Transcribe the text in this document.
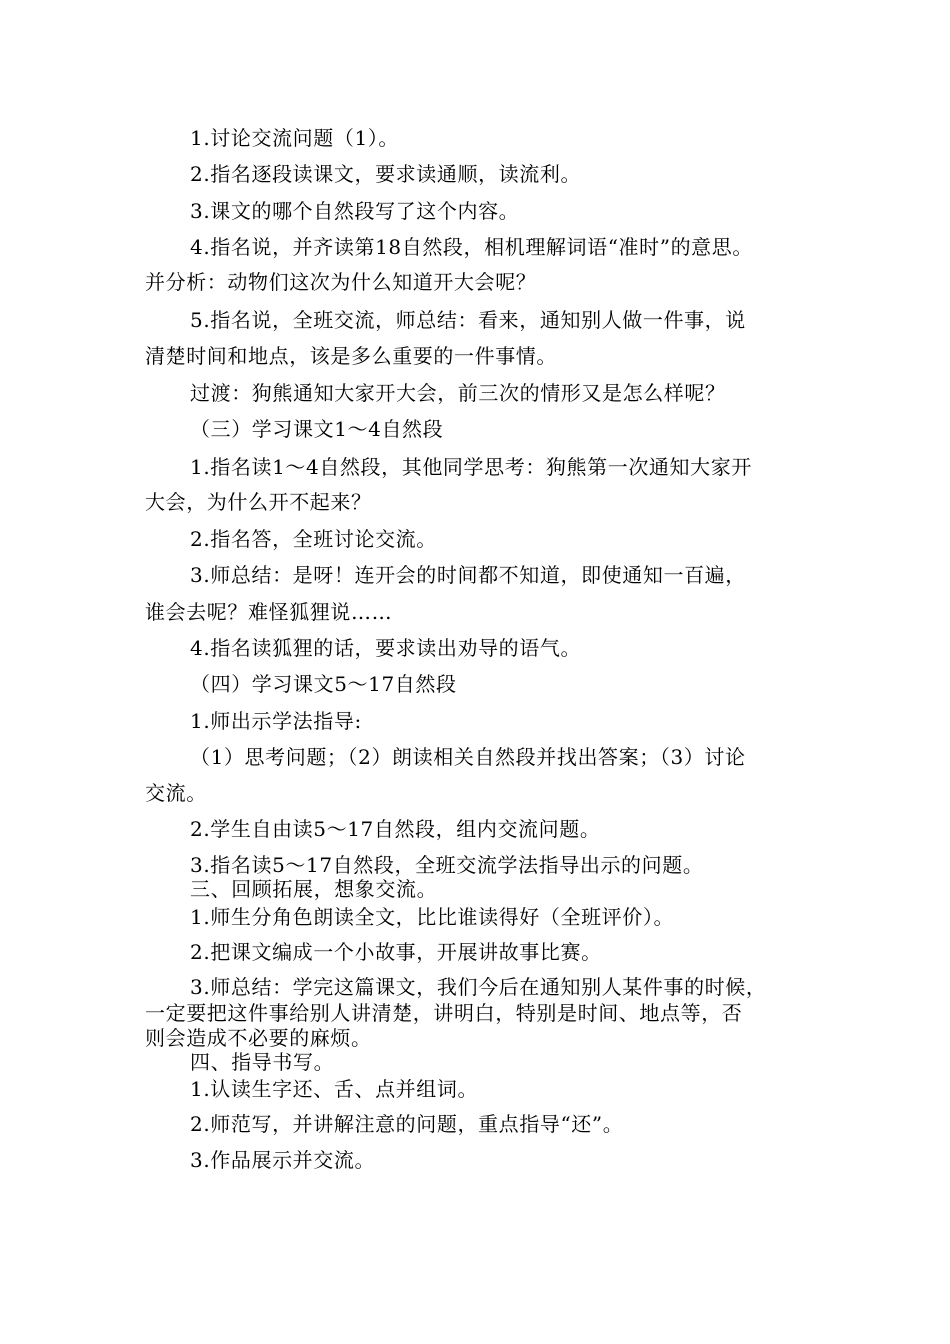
1.讨论交流问题（1）。

2.指名逐段读课文，要求读通顺，读流利。

3.课文的哪个自然段写了这个内容。

4.指名说，并齐读第18自然段，相机理解词语“准时”的意思。

并分析：动物们这次为什么知道开大会呢？

5.指名说，全班交流，师总结：看来，通知别人做一件事，说

清楚时间和地点，该是多么重要的一件事情。

过渡：狗熊通知大家开大会，前三次的情形又是怎么样呢？

（三）学习课文1～4自然段

1.指名读1～4自然段，其他同学思考：狗熊第一次通知大家开

大会，为什么开不起来？

2.指名答，全班讨论交流。

3.师总结：是呀！连开会的时间都不知道，即使通知一百遍，

谁会去呢？难怪狐狸说……

4.指名读狐狸的话，要求读出劝导的语气。

（四）学习课文5～17自然段

1.师出示学法指导:

（1）思考问题；（2）朗读相关自然段并找出答案；（3）讨论

交流。

2.学生自由读5～17自然段，组内交流问题。

3.指名读5～17自然段，全班交流学法指导出示的问题。

三、回顾拓展，想象交流。

1.师生分角色朗读全文，比比谁读得好（全班评价）。

2.把课文编成一个小故事，开展讲故事比赛。

3.师总结：学完这篇课文，我们今后在通知别人某件事的时候，

一定要把这件事给别人讲清楚，讲明白，特别是时间、地点等，否

则会造成不必要的麻烦。

四、指导书写。

1.认读生字还、舌、点并组词。

2.师范写，并讲解注意的问题，重点指导“还”。

3.作品展示并交流。
